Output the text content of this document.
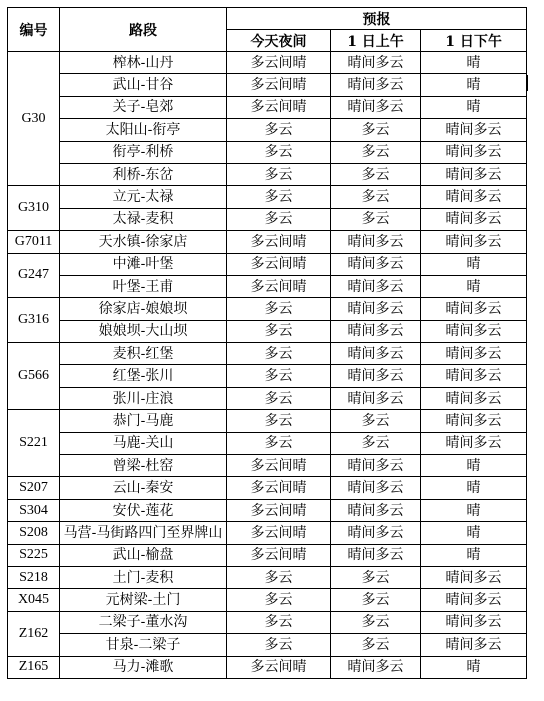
编号	路段	预报		
		今天夜间	1 日上午	1 日下午
G30	榨林-山丹	多云间晴	晴间多云	晴
	武山-甘谷	多云间晴	晴间多云	晴
	关子-皂郊	多云间晴	晴间多云	晴
	太阳山-衔亭	多云	多云	晴间多云
	衔亭-利桥	多云	多云	晴间多云
	利桥-东岔	多云	多云	晴间多云
G310	立元-太禄	多云	多云	晴间多云
	太禄-麦积	多云	多云	晴间多云
G7011	天水镇-徐家店	多云间晴	晴间多云	晴间多云
G247	中滩-叶堡	多云间晴	晴间多云	晴
	叶堡-王甫	多云间晴	晴间多云	晴
G316	徐家店-娘娘坝	多云	晴间多云	晴间多云
	娘娘坝-大山坝	多云	晴间多云	晴间多云
G566	麦积-红堡	多云	晴间多云	晴间多云
	红堡-张川	多云	晴间多云	晴间多云
	张川-庄浪	多云	晴间多云	晴间多云
S221	恭门-马鹿	多云	多云	晴间多云
	马鹿-关山	多云	多云	晴间多云
	曾梁-杜窑	多云间晴	晴间多云	晴
S207	云山-秦安	多云间晴	晴间多云	晴
S304	安伏-莲花	多云间晴	晴间多云	晴
S208	马营-马街路四门至界牌山	多云间晴	晴间多云	晴
S225	武山-榆盘	多云间晴	晴间多云	晴
S218	土门-麦积	多云	多云	晴间多云
X045	元树梁-土门	多云	多云	晴间多云
Z162	二梁子-董水沟	多云	多云	晴间多云
	甘泉-二梁子	多云	多云	晴间多云
Z165	马力-滩歌	多云间晴	晴间多云	晴
